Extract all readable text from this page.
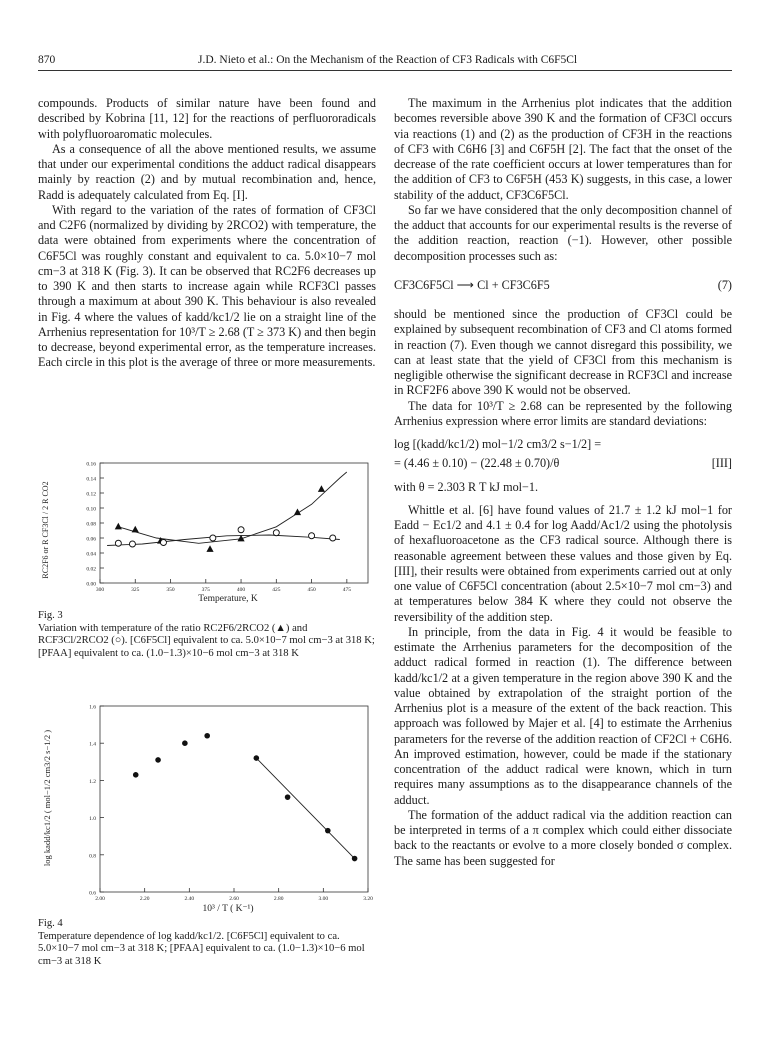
870	J.D. Nieto et al.: On the Mechanism of the Reaction of CF3 Radicals with C6F5Cl

compounds. Products of similar nature have been found and described by Kobrina [11, 12] for the reactions of perfluororadicals with polyfluoroaromatic molecules.

As a consequence of all the above mentioned results, we assume that under our experimental conditions the adduct radical disappears mainly by reaction (2) and by mutual recombination and, hence, Radd is adequately calculated from Eq. [I].

With regard to the variation of the rates of formation of CF3Cl and C2F6 (normalized by dividing by 2RCO2) with temperature, the data were obtained from experiments where the concentration of C6F5Cl was roughly constant and equivalent to ca. 5.0×10−7 mol cm−3 at 318 K (Fig. 3). It can be observed that RC2F6 decreases up to 390 K and then starts to increase again while RCF3Cl passes through a maximum at about 390 K. This behaviour is also revealed in Fig. 4 where the values of kadd/kc1/2 lie on a straight line of the Arrhenius representation for 10³/T ≥ 2.68 (T ≥ 373 K) and then begin to decrease, beyond experimental error, as the temperature increases. Each circle in this plot is the average of three or more measurements.

0.00
0.02
0.04
0.06
0.08
0.10
0.12
0.14
0.16
300	325	350	375	400	425	450	475
Temperature, K
RC2F6 or R CF3Cl / 2 R CO2
Fig. 3
Variation with temperature of the ratio RC2F6/2RCO2 (▲) and RCF3Cl/2RCO2 (○). [C6F5Cl] equivalent to ca. 5.0×10−7 mol cm−3 at 318 K; [PFAA] equivalent to ca. (1.0−1.3)×10−6 mol cm−3 at 318 K
0.6
0.8
1.0
1.2
1.4
1.6
2.00	2.20	2.40	2.60	2.80	3.00	3.20
10³ / T ( K⁻¹)
log kadd/kc1/2 ( mol−1/2 cm3/2 s−1/2 )
Fig. 4
Temperature dependence of log kadd/kc1/2. [C6F5Cl] equivalent to ca. 5.0×10−7 mol cm−3 at 318 K; [PFAA] equivalent to ca. (1.0−1.3)×10−6 mol cm−3 at 318 K

The maximum in the Arrhenius plot indicates that the addition becomes reversible above 390 K and the formation of CF3Cl occurs via reactions (1) and (2) as the production of CF3H in the reactions of CF3 with C6H6 [3] and C6F5H [2]. The fact that the onset of the decrease of the rate coefficient occurs at lower temperatures than for the addition of CF3 to C6F5H (453 K) suggests, in this case, a lower stability of the adduct, CF3C6F5Cl.

So far we have considered that the only decomposition channel of the adduct that accounts for our experimental results is the reverse of the addition reaction, reaction (−1). However, other possible decomposition processes such as:

CF3C6F5Cl ⟶ Cl + CF3C6F5	(7)

should be mentioned since the production of CF3Cl could be explained by subsequent recombination of CF3 and Cl atoms formed in reaction (7). Even though we cannot disregard this possibility, we can at least state that the yield of CF3Cl from this mechanism is negligible otherwise the significant decrease in RCF3Cl and increase in RCF2F6 above 390 K would not be observed.

The data for 10³/T ≥ 2.68 can be represented by the following Arrhenius expression where error limits are standard deviations:

log [(kadd/kc1/2) mol−1/2 cm3/2 s−1/2] =
= (4.46 ± 0.10) − (22.48 ± 0.70)/θ	[III]

with θ = 2.303 R T kJ mol−1.

Whittle et al. [6] have found values of 21.7 ± 1.2 kJ mol−1 for Eadd − Ec1/2 and 4.1 ± 0.4 for log Aadd/Ac1/2 using the photolysis of hexafluoroacetone as the CF3 radical source. Although there is reasonable agreement between these values and those given by Eq. [III], their results were obtained from experiments carried out at only one value of C6F5Cl concentration (about 2.5×10−7 mol cm−3) and at temperatures below 384 K where they could not observe the reversibility of the addition step.

In principle, from the data in Fig. 4 it would be feasible to estimate the Arrhenius parameters for the decomposition of the adduct radical formed in reaction (1). The difference between kadd/kc1/2 at a given temperature in the region above 390 K and the value obtained by extrapolation of the straight portion of the Arrhenius plot is a measure of the extent of the back reaction. This approach was followed by Majer et al. [4] to estimate the Arrhenius parameters for the reverse of the addition reaction of CF2Cl + C6H6. An improved estimation, however, could be made if the stationary concentration of the adduct radical were known, which in turn requires many assumptions as to the disappearance channels of the adduct.

The formation of the adduct radical via the addition reaction can be interpreted in terms of a π complex which could either dissociate back to the reactants or evolve to a more closely bonded σ complex. The same has been suggested for
